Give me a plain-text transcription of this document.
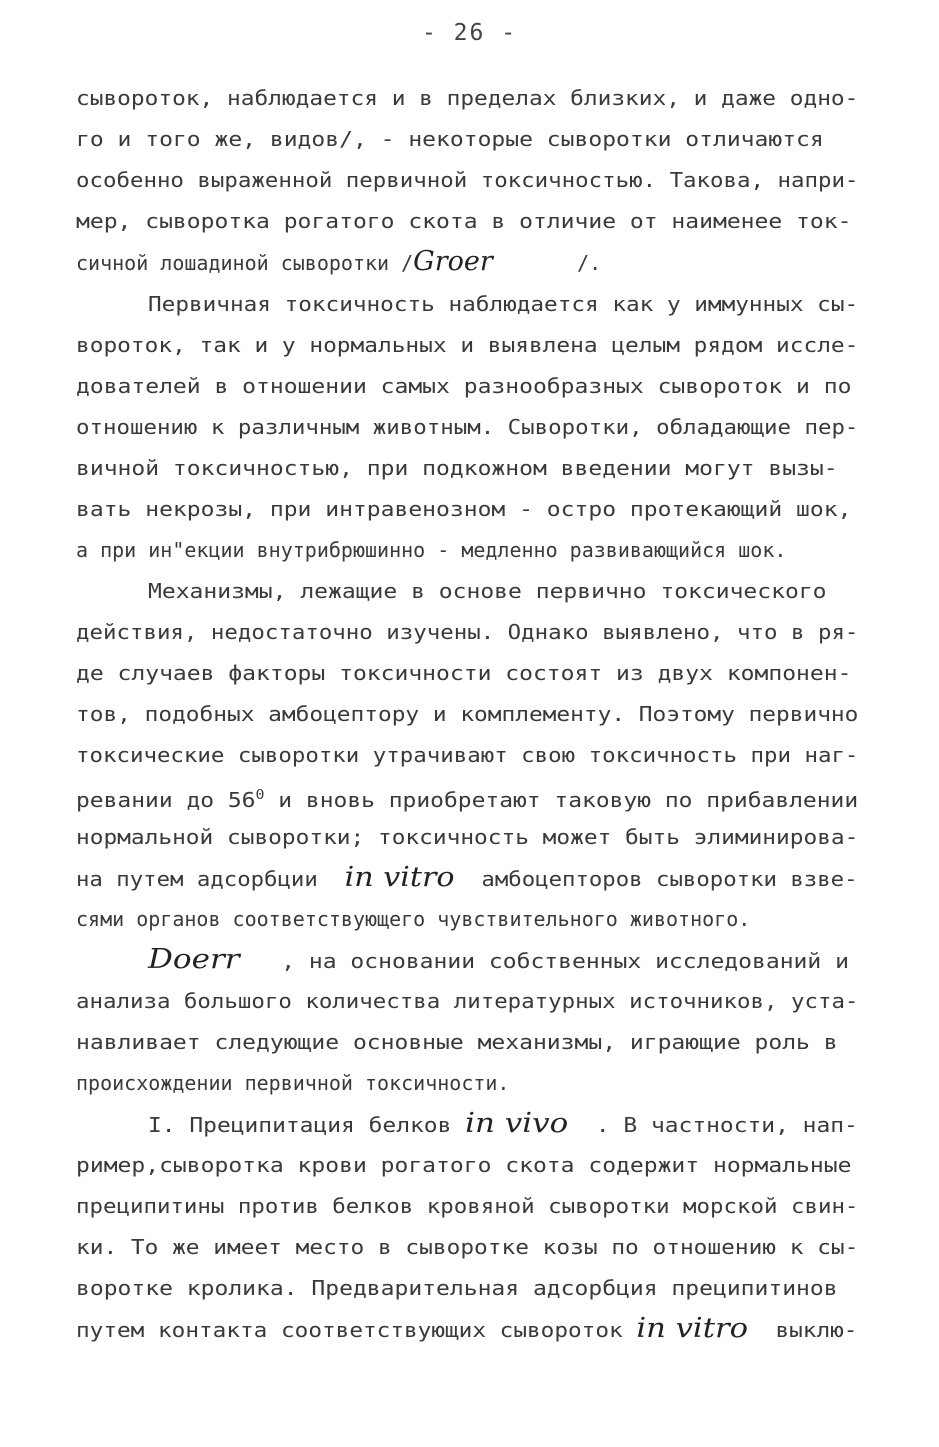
- 26 -
сывороток, наблюдается и в пределах близких, и даже одно-
го и того же, видов/, - некоторые сыворотки отличаются
особенно выраженной первичной токсичностью. Такова, напри-
мер, сыворотка рогатого скота в отличие от наименее ток-
сичной лошадиной сыворотки /Groer       /.
Первичная токсичность наблюдается как у иммунных сы-
вороток, так и у нормальных и выявлена целым рядом иссле-
дователей в отношении самых разнообразных сывороток и по
отношению к различным животным. Сыворотки, обладающие пер-
вичной токсичностью, при подкожном введении могут вызы-
вать некрозы, при интравенозном - остро протекающий шок,
а при ин"екции внутрибрюшинно - медленно развивающийся шок.
Механизмы, лежащие в основе первично токсического
действия, недостаточно изучены. Однако выявлено, что в ря-
де случаев факторы токсичности состоят из двух компонен-
тов, подобных амбоцептору и комплементу. Поэтому первично
токсические сыворотки утрачивают свою токсичность при наг-
ревании до $56^0$ и вновь приобретают таковую по прибавлении
нормальной сыворотки; токсичность может быть элиминирова-
на путем адсорбции  in vitro  амбоцепторов сыворотки взве-
сями органов соответствующего чувствительного животного.
Doerr   , на основании собственных исследований и
анализа большого количества литературных источников, уста-
навливает следующие основные механизмы, играющие роль в
происхождении первичной токсичности.
I. Преципитация белков in vivo  . В частности, нап-
ример,сыворотка крови рогатого скота содержит нормальные
преципитины против белков кровяной сыворотки морской свин-
ки. То же имеет место в сыворотке козы по отношению к сы-
воротке кролика. Предварительная адсорбция преципитинов
путем контакта соответствующих сывороток in vitro  выклю-
